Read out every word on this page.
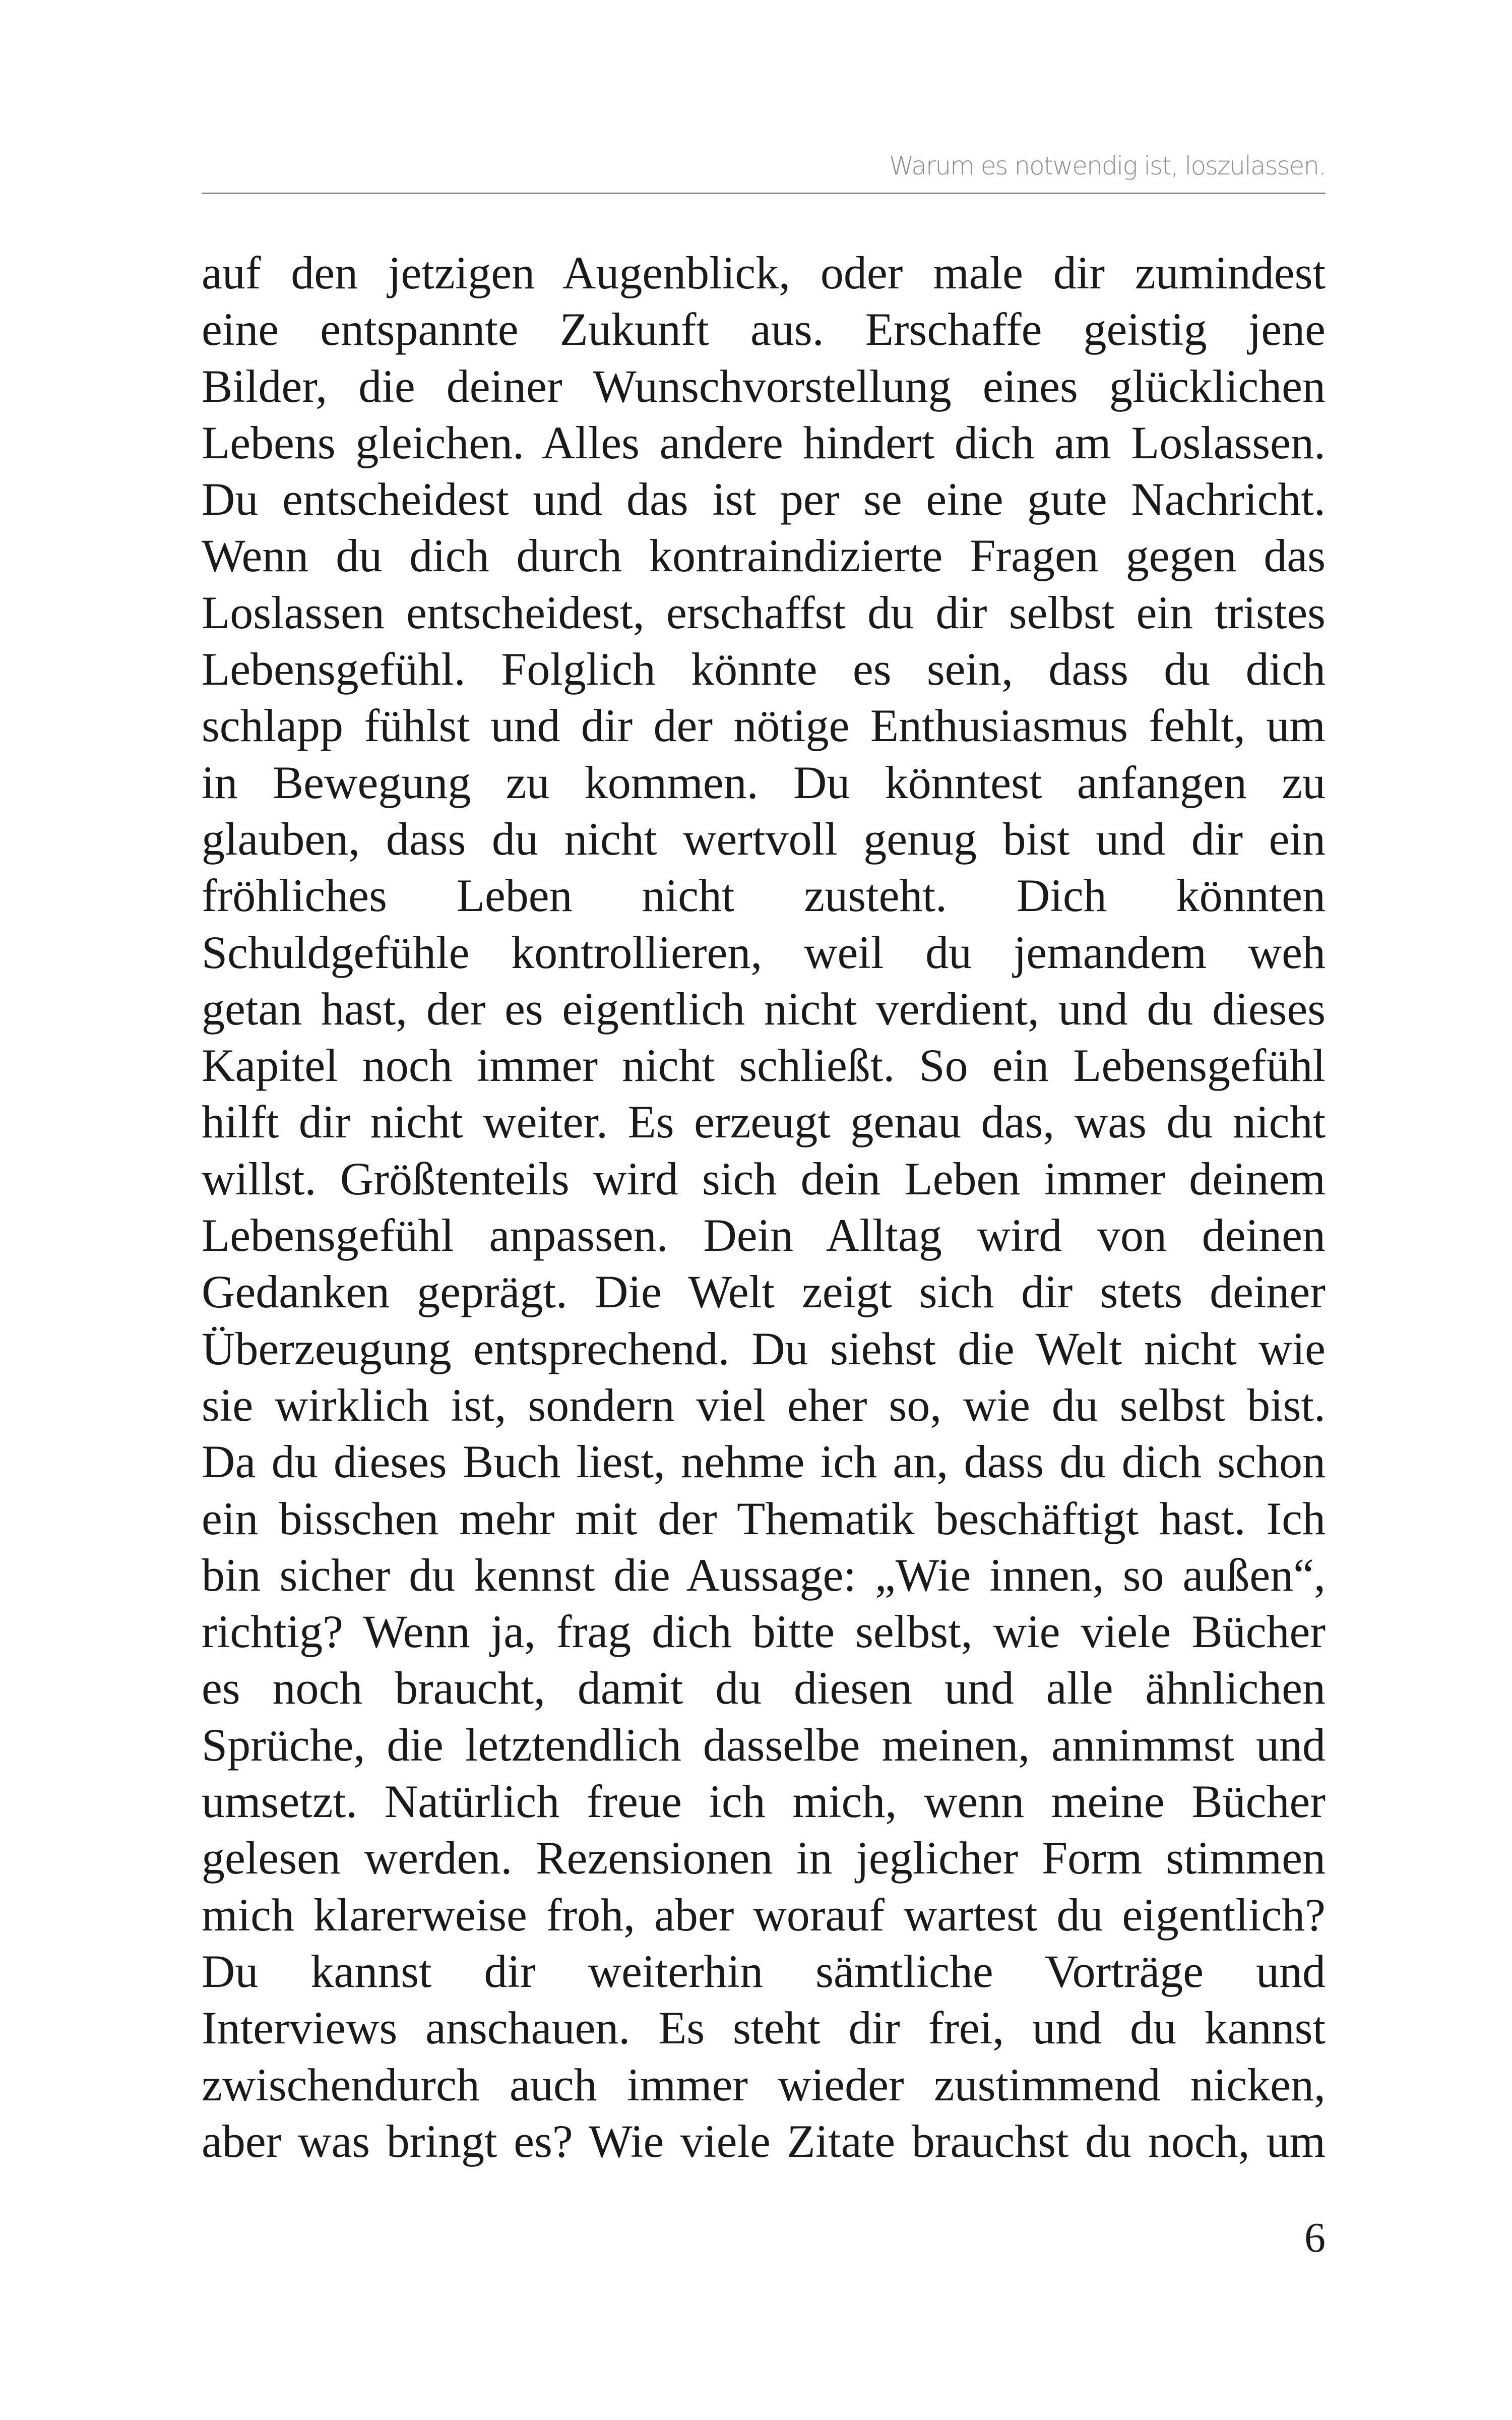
Warum es notwendig ist, loszulassen.
auf den jetzigen Augenblick, oder male dir zumindest
eine entspannte Zukunft aus. Erschaffe geistig jene
Bilder, die deiner Wunschvorstellung eines glücklichen
Lebens gleichen. Alles andere hindert dich am Loslassen.
Du entscheidest und das ist per se eine gute Nachricht.
Wenn du dich durch kontraindizierte Fragen gegen das
Loslassen entscheidest, erschaffst du dir selbst ein tristes
Lebensgefühl. Folglich könnte es sein, dass du dich
schlapp fühlst und dir der nötige Enthusiasmus fehlt, um
in Bewegung zu kommen. Du könntest anfangen zu
glauben, dass du nicht wertvoll genug bist und dir ein
fröhliches Leben nicht zusteht. Dich könnten
Schuldgefühle kontrollieren, weil du jemandem weh
getan hast, der es eigentlich nicht verdient, und du dieses
Kapitel noch immer nicht schließt. So ein Lebensgefühl
hilft dir nicht weiter. Es erzeugt genau das, was du nicht
willst. Größtenteils wird sich dein Leben immer deinem
Lebensgefühl anpassen. Dein Alltag wird von deinen
Gedanken geprägt. Die Welt zeigt sich dir stets deiner
Überzeugung entsprechend. Du siehst die Welt nicht wie
sie wirklich ist, sondern viel eher so, wie du selbst bist.
Da du dieses Buch liest, nehme ich an, dass du dich schon
ein bisschen mehr mit der Thematik beschäftigt hast. Ich
bin sicher du kennst die Aussage: „Wie innen, so außen“,
richtig? Wenn ja, frag dich bitte selbst, wie viele Bücher
es noch braucht, damit du diesen und alle ähnlichen
Sprüche, die letztendlich dasselbe meinen, annimmst und
umsetzt. Natürlich freue ich mich, wenn meine Bücher
gelesen werden. Rezensionen in jeglicher Form stimmen
mich klarerweise froh, aber worauf wartest du eigentlich?
Du kannst dir weiterhin sämtliche Vorträge und
Interviews anschauen. Es steht dir frei, und du kannst
zwischendurch auch immer wieder zustimmend nicken,
aber was bringt es? Wie viele Zitate brauchst du noch, um
6
